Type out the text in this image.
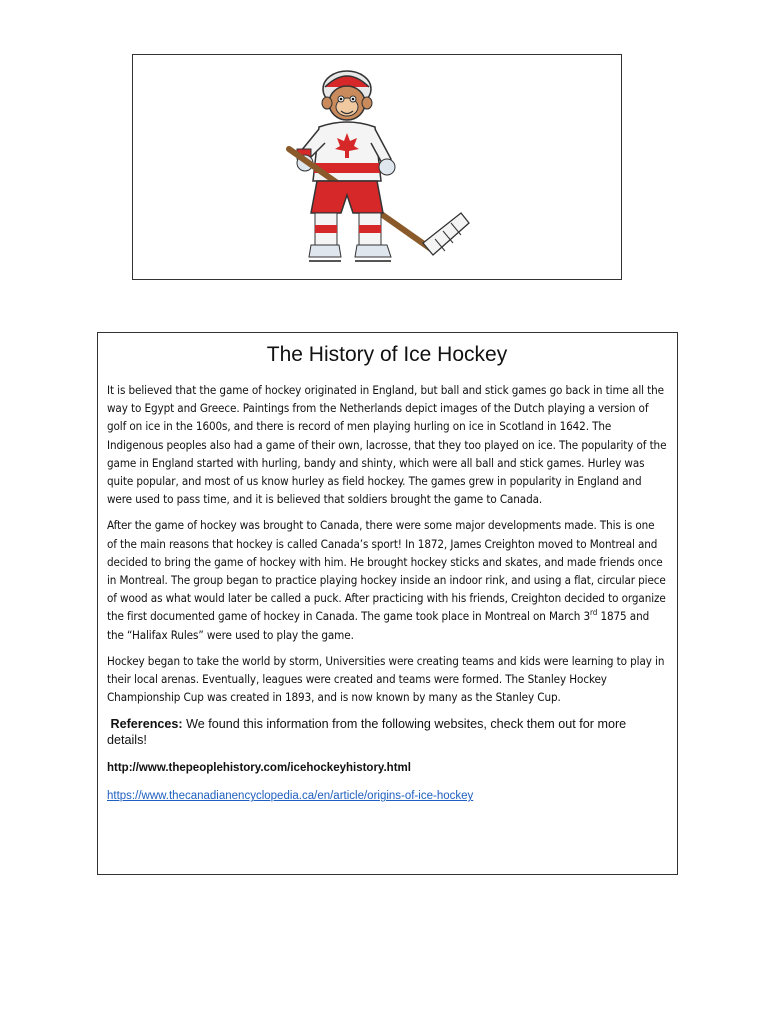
The History of Ice Hockey

It is believed that the game of hockey originated in England, but ball and stick games go back in time all the way to Egypt and Greece. Paintings from the Netherlands depict images of the Dutch playing a version of golf on ice in the 1600s, and there is record of men playing hurling on ice in Scotland in 1642. The Indigenous peoples also had a game of their own, lacrosse, that they too played on ice. The popularity of the game in England started with hurling, bandy and shinty, which were all ball and stick games. Hurley was quite popular, and most of us know hurley as field hockey. The games grew in popularity in England and were used to pass time, and it is believed that soldiers brought the game to Canada.

After the game of hockey was brought to Canada, there were some major developments made. This is one of the main reasons that hockey is called Canada’s sport! In 1872, James Creighton moved to Montreal and decided to bring the game of hockey with him. He brought hockey sticks and skates, and made friends once in Montreal. The group began to practice playing hockey inside an indoor rink, and using a flat, circular piece of wood as what would later be called a puck. After practicing with his friends, Creighton decided to organize the first documented game of hockey in Canada. The game took place in Montreal on March 3rd 1875 and the “Halifax Rules” were used to play the game.

Hockey began to take the world by storm, Universities were creating teams and kids were learning to play in their local arenas. Eventually, leagues were created and teams were formed. The Stanley Hockey Championship Cup was created in 1893, and is now known by many as the Stanley Cup.

References: We found this information from the following websites, check them out for more details!

http://www.thepeoplehistory.com/icehockeyhistory.html

https://www.thecanadianencyclopedia.ca/en/article/origins-of-ice-hockey
